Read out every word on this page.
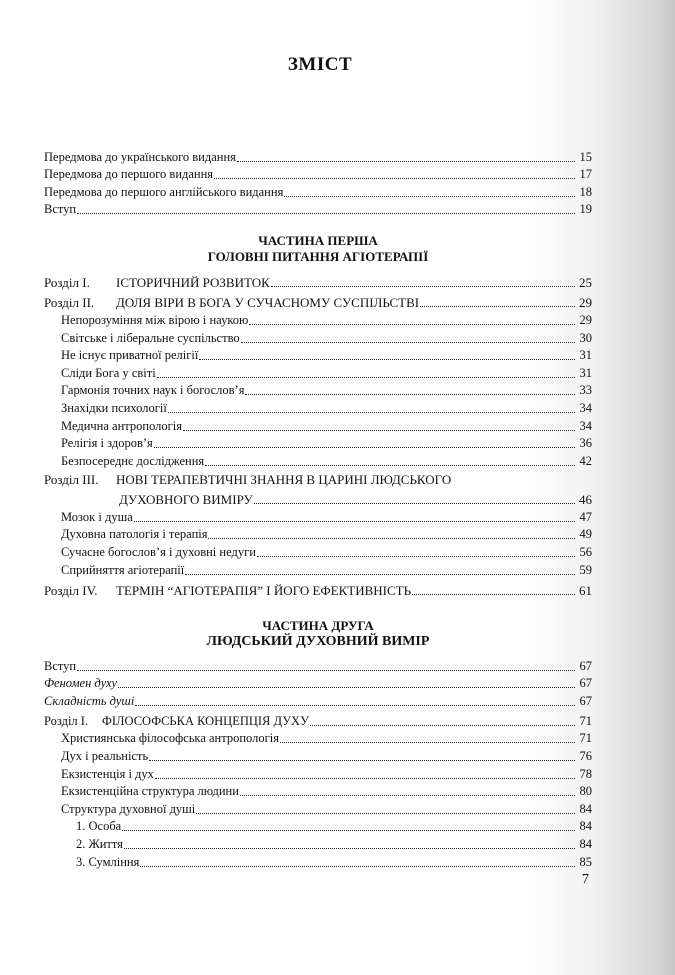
ЗМІСТ
Передмова до українського видання	15
Передмова до першого видання	17
Передмова до першого англійського видання	18
Вступ	19
ЧАСТИНА ПЕРША
ГОЛОВНІ ПИТАННЯ АГІОТЕРАПІЇ
Розділ I.	ІСТОРИЧНИЙ РОЗВИТОК	25
Розділ II.	ДОЛЯ ВІРИ В БОГА У СУЧАСНОМУ СУСПІЛЬСТВІ	29
Непорозуміння між вірою і наукою	29
Світське і ліберальне суспільство	30
Не існує приватної релігії	31
Сліди Бога у світі	31
Гармонія точних наук і богослов’я	33
Знахідки психології	34
Медична антропологія	34
Релігія і здоров’я	36
Безпосереднє дослідження	42
Розділ III.	НОВІ ТЕРАПЕВТИЧНІ ЗНАННЯ В ЦАРИНІ ЛЮДСЬКОГО
ДУХОВНОГО ВИМІРУ	46
Мозок і душа	47
Духовна патологія і терапія	49
Сучасне богослов’я і духовні недуги	56
Сприйняття агіотерапії	59
Розділ IV.	ТЕРМІН “АГІОТЕРАПІЯ” І ЙОГО ЕФЕКТИВНІСТЬ	61
ЧАСТИНА ДРУГА
ЛЮДСЬКИЙ ДУХОВНИЙ ВИМІР
Вступ	67
Феномен духу	67
Складність душі	67
Розділ I.	ФІЛОСОФСЬКА КОНЦЕПЦІЯ ДУХУ	71
Християнська філософська антропологія	71
Дух і реальність	76
Екзистенція і дух	78
Екзистенційна структура людини	80
Структура духовної душі	84
1. Особа	84
2. Життя	84
3. Сумління	85
7
